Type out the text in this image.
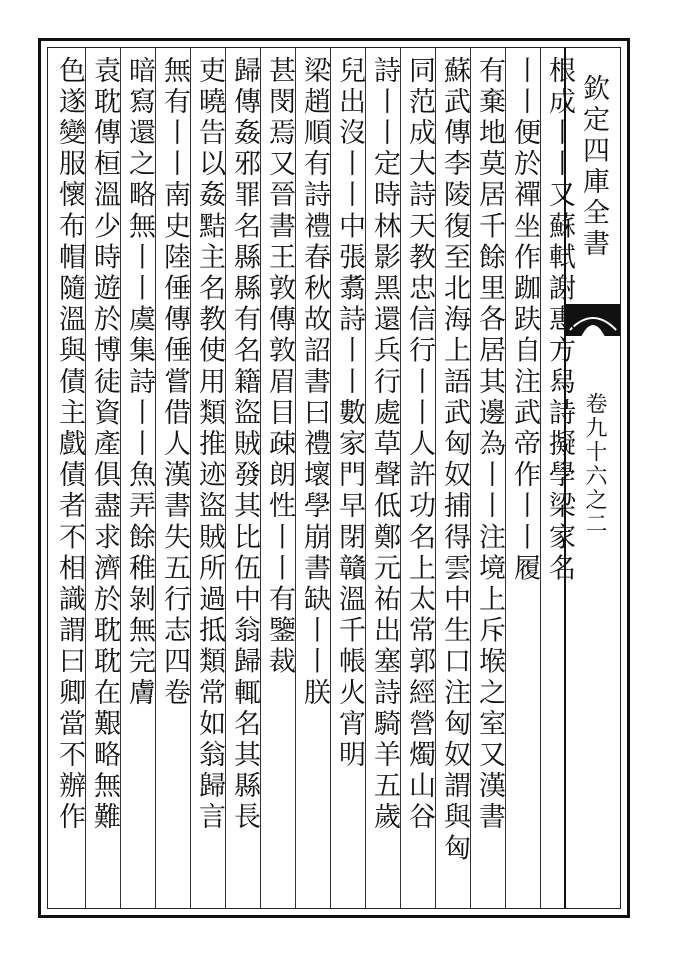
欽定四庫全書
卷九十六之二
根成丨丨又蘇軾謝惠方舄詩擬學梁家名
丨丨便於禪坐作跏趺自注武帝作丨丨履
有棄地莫居千餘里各居其邊為丨丨注境上斥堠之室又漢書
蘇武傳李陵復至北海上語武匈奴捕得雲中生口注匈奴謂與匈
同范成大詩天教忠信行丨丨人許功名上太常郭經營燭山谷
詩丨丨定時林影黑還兵行處草聲低鄭元祐出塞詩騎羊五歲
兒出沒丨丨中張翥詩丨丨數家門早閉贛溫千帳火宵明
梁趙順有詩禮春秋故詔書曰禮壞學崩書缺丨丨朕
甚閔焉又晉書王敦傳敦眉目疎朗性丨丨有鑒裁
歸傳姦邪罪名縣縣有名籍盜賊發其比伍中翁歸輒名其縣長
吏曉告以姦黠主名教使用類推迹盜賊所過抵類常如翁歸言
無有丨丨南史陸倕傳倕嘗借人漢書失五行志四卷
暗寫還之略無丨丨虞集詩丨丨魚弄餘稚剝無完膚
袁耽傳桓溫少時遊於博徒資產俱盡求濟於耽耽在艱略無難
色遂變服懷布帽隨溫與債主戲債者不相識謂曰卿當不辦作
